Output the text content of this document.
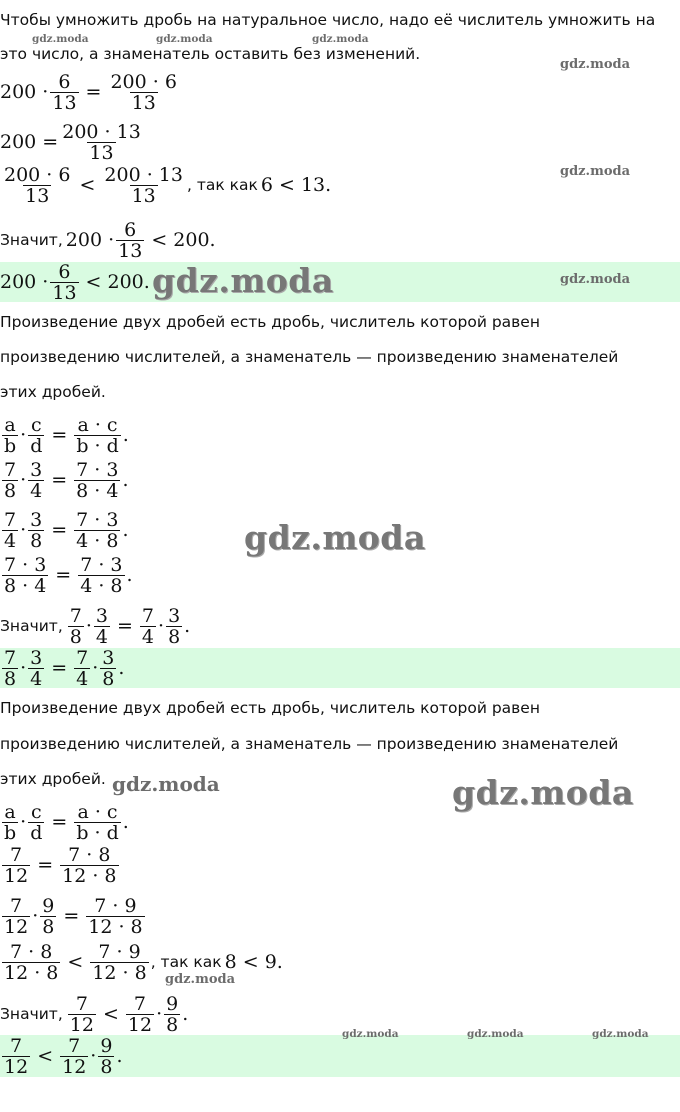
Чтобы умножить дробь на натуральное число, надо её числитель умножить на

это число, а знаменатель оставить без изменений.

$200 \cdot \frac{6}{13} = \frac{200 \cdot 6}{13}$
$200 = \frac{200 \cdot 13}{13}$
$\frac{200 \cdot 6}{13} < \frac{200 \cdot 13}{13}$ , так как 6 < 13.
Значит, $200 \cdot \frac{6}{13} < 200$.
$200 \cdot \frac{6}{13} < 200$.

Произведение двух дробей есть дробь, числитель которой равен

произведению числителей, а знаменатель — произведению знаменателей

этих дробей.

$\frac{a}{b} \cdot \frac{c}{d} = \frac{a \cdot c}{b \cdot d}$ .
$\frac{7}{8} \cdot \frac{3}{4} = \frac{7 \cdot 3}{8 \cdot 4}$ .
$\frac{7}{4} \cdot \frac{3}{8} = \frac{7 \cdot 3}{4 \cdot 8}$ .
$\frac{7 \cdot 3}{8 \cdot 4} = \frac{7 \cdot 3}{4 \cdot 8}$ .
Значит, $\frac{7}{8} \cdot \frac{3}{4} = \frac{7}{4} \cdot \frac{3}{8}$ .
$\frac{7}{8} \cdot \frac{3}{4} = \frac{7}{4} \cdot \frac{3}{8}$ .

Произведение двух дробей есть дробь, числитель которой равен

произведению числителей, а знаменатель — произведению знаменателей

этих дробей.

$\frac{a}{b} \cdot \frac{c}{d} = \frac{a \cdot c}{b \cdot d}$ .
$\frac{7}{12} = \frac{7 \cdot 8}{12 \cdot 8}$
$\frac{7}{12} \cdot \frac{9}{8} = \frac{7 \cdot 9}{12 \cdot 8}$
$\frac{7 \cdot 8}{12 \cdot 8} < \frac{7 \cdot 9}{12 \cdot 8}$ , так как 8 < 9.
Значит, $\frac{7}{12} < \frac{7}{12} \cdot \frac{9}{8}$ .
$\frac{7}{12} < \frac{7}{12} \cdot \frac{9}{8}$ .
gdz.moda	gdz.moda	gdz.moda
gdz.moda
gdz.moda
gdz.moda
gdz.moda
gdz.moda
gdz.moda	gdz.moda
gdz.moda
gdz.moda	gdz.moda	gdz.moda
